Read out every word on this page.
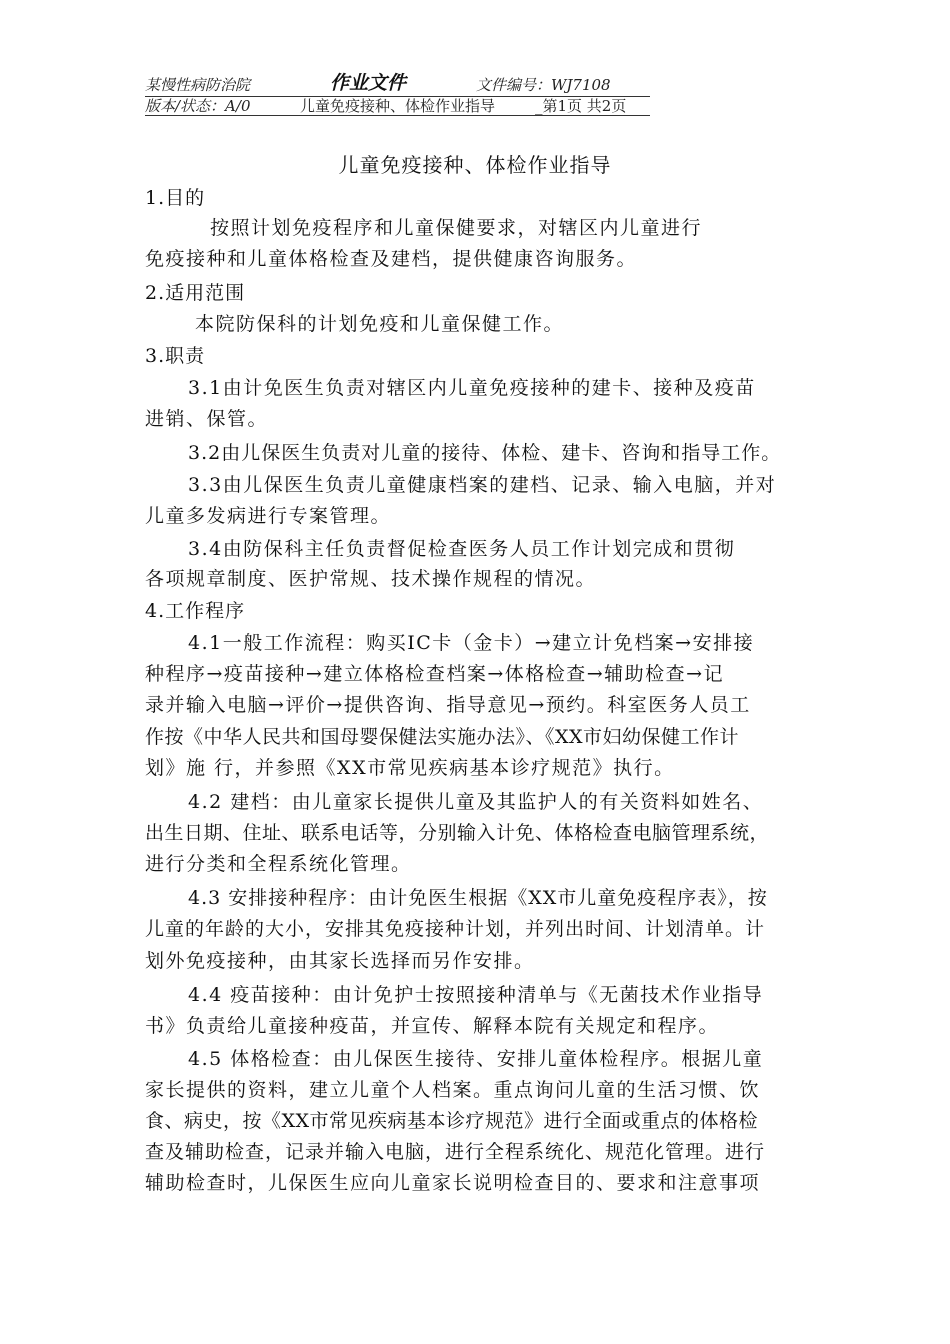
某慢性病防治院	作业文件	文件编号：WJ7108
版本/状态：A/0	儿童免疫接种、体检作业指导	_第1页 共2页
儿童免疫接种、体检作业指导
1.目的
按照计划免疫程序和儿童保健要求，对辖区内儿童进行
免疫接种和儿童体格检查及建档，提供健康咨询服务。
2.适用范围
本院防保科的计划免疫和儿童保健工作。
3.职责
3.1由计免医生负责对辖区内儿童免疫接种的建卡、接种及疫苗
进销、保管。
3.2由儿保医生负责对儿童的接待、体检、建卡、咨询和指导工作。
3.3由儿保医生负责儿童健康档案的建档、记录、输入电脑，并对
儿童多发病进行专案管理。
3.4由防保科主任负责督促检查医务人员工作计划完成和贯彻
各项规章制度、医护常规、技术操作规程的情况。
4.工作程序
4.1一般工作流程：购买IC卡（金卡）→建立计免档案→安排接
种程序→疫苗接种→建立体格检查档案→体格检查→辅助检查→记
录并输入电脑→评价→提供咨询、指导意见→预约。科室医务人员工
作按《中华人民共和国母婴保健法实施办法》、《XX市妇幼保健工作计
划》施 行，并参照《XX市常见疾病基本诊疗规范》执行。
4.2 建档：由儿童家长提供儿童及其监护人的有关资料如姓名、
出生日期、住址、联系电话等，分别输入计免、体格检查电脑管理系统，
进行分类和全程系统化管理。
4.3 安排接种程序：由计免医生根据《XX市儿童免疫程序表》，按
儿童的年龄的大小，安排其免疫接种计划，并列出时间、计划清单。计
划外免疫接种，由其家长选择而另作安排。
4.4 疫苗接种：由计免护士按照接种清单与《无菌技术作业指导
书》负责给儿童接种疫苗，并宣传、解释本院有关规定和程序。
4.5 体格检查：由儿保医生接待、安排儿童体检程序。根据儿童
家长提供的资料，建立儿童个人档案。重点询问儿童的生活习惯、饮
食、病史，按《XX市常见疾病基本诊疗规范》进行全面或重点的体格检
查及辅助检查，记录并输入电脑，进行全程系统化、规范化管理。进行
辅助检查时，儿保医生应向儿童家长说明检查目的、要求和注意事项
